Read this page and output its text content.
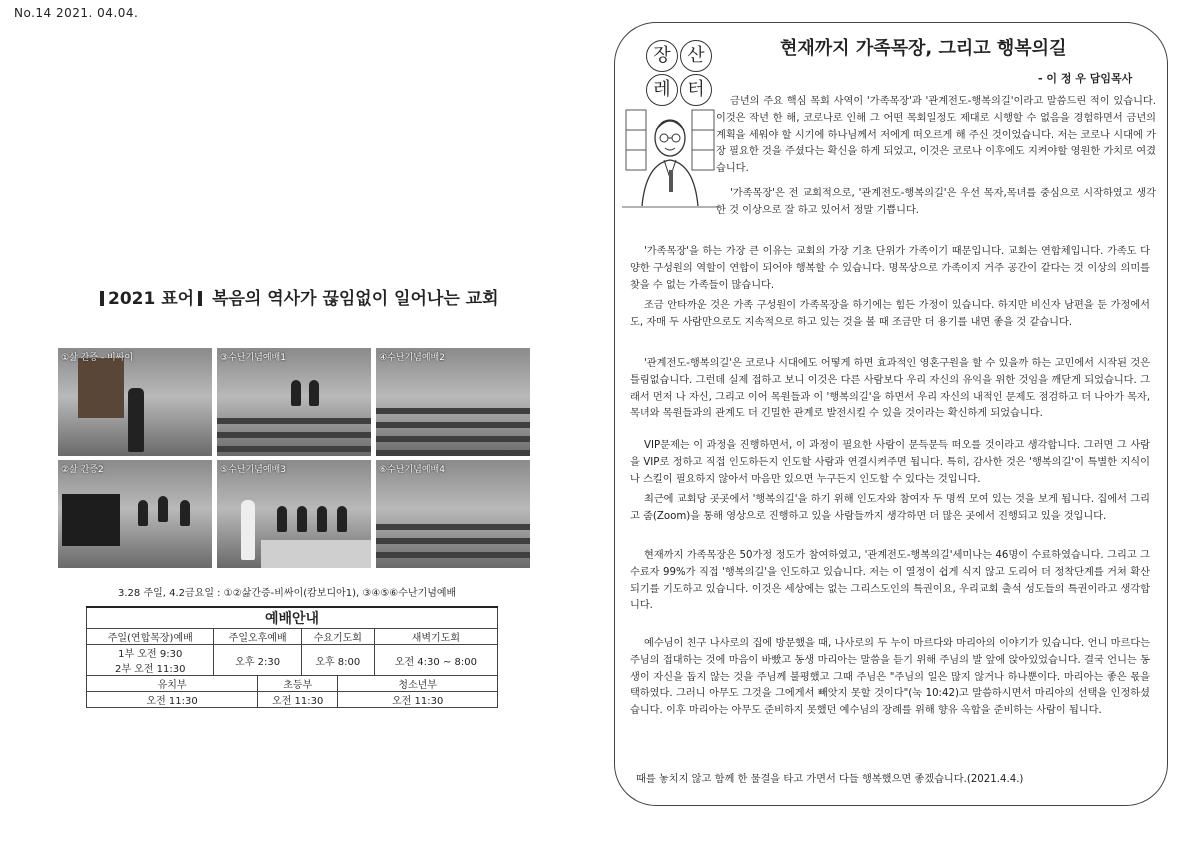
No.14 2021. 04.04.
2021 표어 복음의 역사가 끊임없이 일어나는 교회
①삶 간증 - 비싸이	③수난기념예배1	④수난기념예배2
②삶 간증2	⑤수난기념예배3	⑥수난기념예배4
3.28 주일, 4.2금요일 : ①②삶간증-비싸이(캄보디아1), ③④⑤⑥수난기념예배
예배안내					
주일(연합목장)예배	주일오후예배		수요기도회		새벽기도회

1부 오전 9:30
2부 오전 11:30	오후 2:30		오후 8:00		오전 4:30 ~ 8:00
유치부		초등부		청소년부	
오전 11:30		오전 11:30		오전 11:30	
장 산
레 터
현재까지 가족목장, 그리고 행복의길
- 이 정 우 담임목사

금년의 주요 핵심 목회 사역이 '가족목장'과 '관계전도-행복의길'이라고 말씀드린 적이 있습니다. 이것은 작년 한 해, 코로나로 인해 그 어떤 목회일정도 제대로 시행할 수 없음을 경험하면서 금년의 계획을 세워야 할 시기에 하나님께서 저에게 떠오르게 해 주신 것이었습니다. 저는 코로나 시대에 가장 필요한 것을 주셨다는 확신을 하게 되었고, 이것은 코로나 이후에도 지켜야할 영원한 가치로 여겼습니다.

'가족목장'은 전 교회적으로, '관계전도-행복의길'은 우선 목자,목녀를 중심으로 시작하였고 생각한 것 이상으로 잘 하고 있어서 정말 기쁩니다.

'가족목장'을 하는 가장 큰 이유는 교회의 가장 기초 단위가 가족이기 때문입니다. 교회는 연합체입니다. 가족도 다양한 구성원의 역할이 연합이 되어야 행복할 수 있습니다. 명목상으로 가족이지 거주 공간이 같다는 것 이상의 의미를 찾을 수 없는 가족들이 많습니다.

조금 안타까운 것은 가족 구성원이 가족목장을 하기에는 힘든 가정이 있습니다. 하지만 비신자 남편을 둔 가정에서도, 자매 두 사람만으로도 지속적으로 하고 있는 것을 볼 때 조금만 더 용기를 내면 좋을 것 같습니다.

'관계전도-행복의길'은 코로나 시대에도 어떻게 하면 효과적인 영혼구원을 할 수 있을까 하는 고민에서 시작된 것은 틀림없습니다. 그런데 실제 접하고 보니 이것은 다른 사람보다 우리 자신의 유익을 위한 것임을 깨닫게 되었습니다. 그래서 먼저 나 자신, 그리고 이어 목원들과 이 '행복의길'을 하면서 우리 자신의 내적인 문제도 점검하고 더 나아가 목자,목녀와 목원들과의 관계도 더 긴밀한 관계로 발전시킬 수 있을 것이라는 확신하게 되었습니다.

VIP문제는 이 과정을 진행하면서, 이 과정이 필요한 사람이 문득문득 떠오를 것이라고 생각합니다. 그러면 그 사람을 VIP로 정하고 직접 인도하든지 인도할 사람과 연결시켜주면 됩니다. 특히, 감사한 것은 '행복의길'이 특별한 지식이나 스킬이 필요하지 않아서 마음만 있으면 누구든지 인도할 수 있다는 것입니다.

최근에 교회당 곳곳에서 '행복의길'을 하기 위해 인도자와 참여자 두 명씩 모여 있는 것을 보게 됩니다. 집에서 그리고 줌(Zoom)을 통해 영상으로 진행하고 있을 사람들까지 생각하면 더 많은 곳에서 진행되고 있을 것입니다.

현재까지 가족목장은 50가정 정도가 참여하였고, '관계전도-행복의길'세미나는 46명이 수료하였습니다. 그리고 그 수료자 99%가 직접 '행복의길'을 인도하고 있습니다. 저는 이 열정이 쉽게 식지 않고 도리어 더 정착단계를 거쳐 확산되기를 기도하고 있습니다. 이것은 세상에는 없는 그리스도인의 특권이요, 우리교회 출석 성도들의 특권이라고 생각합니다.

예수님이 친구 나사로의 집에 방문했을 때, 나사로의 두 누이 마르다와 마리아의 이야기가 있습니다. 언니 마르다는 주님의 접대하는 것에 마음이 바빴고 동생 마리아는 말씀을 듣기 위해 주님의 발 앞에 앉아있었습니다. 결국 언니는 동생이 자신을 돕지 않는 것을 주님께 불평했고 그때 주님은 "주님의 일은 많지 않거나 하나뿐이다. 마리아는 좋은 몫을 택하였다. 그러니 아무도 그것을 그에게서 빼앗지 못할 것이다"(눅 10:42)고 말씀하시면서 마리아의 선택을 인정하셨습니다. 이후 마리아는 아무도 준비하지 못했던 예수님의 장례를 위해 향유 옥합을 준비하는 사람이 됩니다.

때를 놓치지 않고 함께 한 물결을 타고 가면서 다들 행복했으면 좋겠습니다.(2021.4.4.)
